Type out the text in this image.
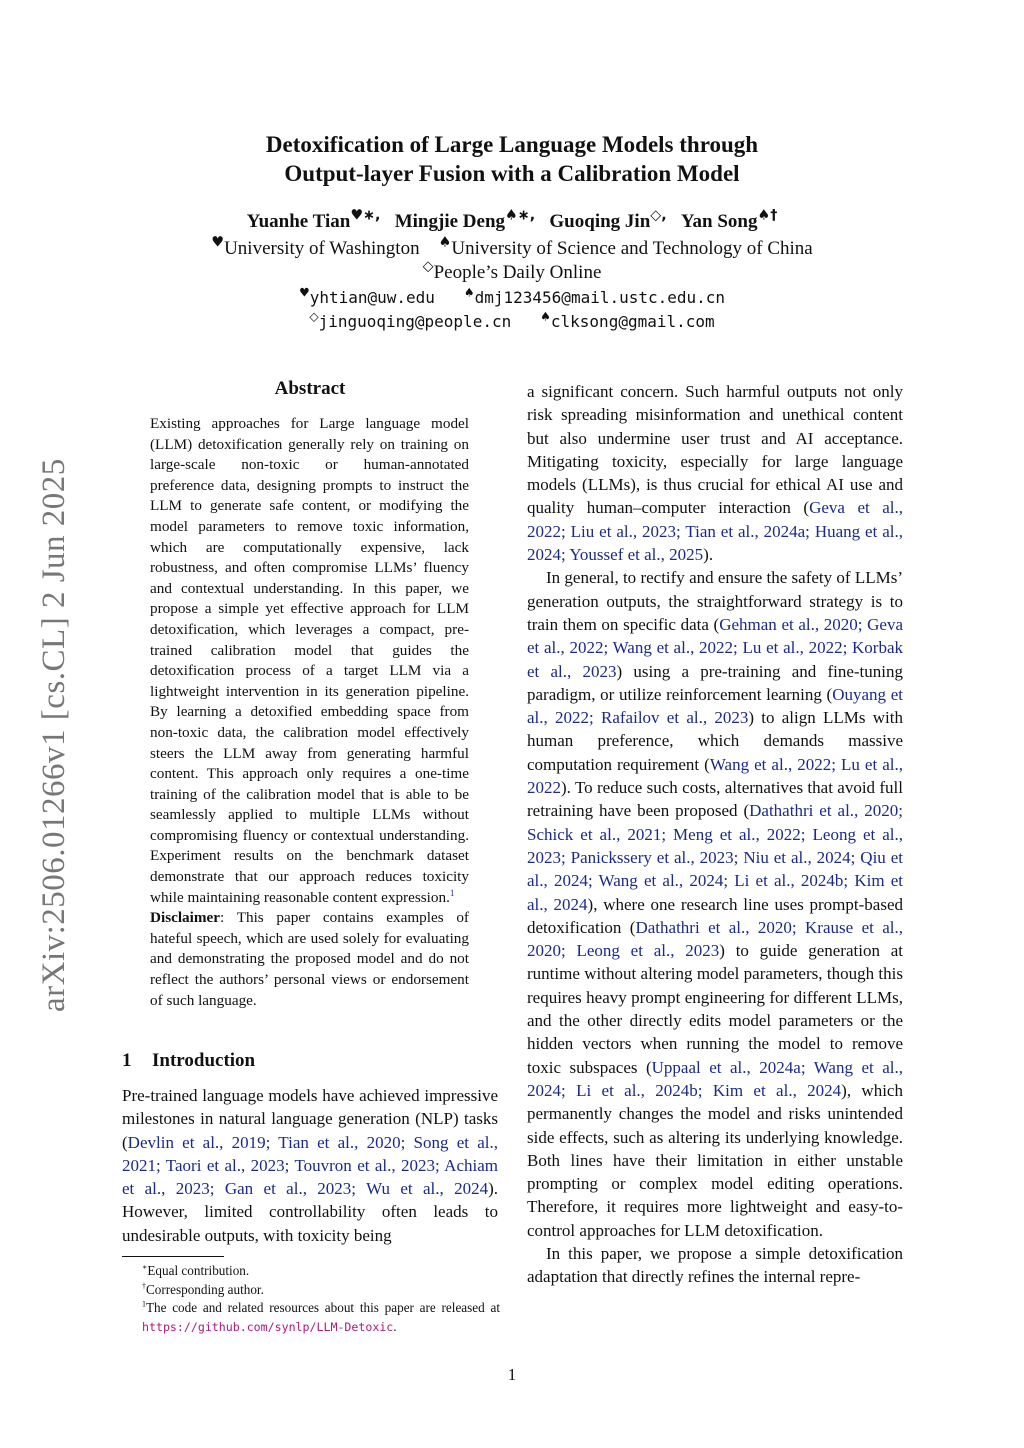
arXiv:2506.01266v1 [cs.CL] 2 Jun 2025
Detoxification of Large Language Models through
Output-layer Fusion with a Calibration Model
Yuanhe Tian♥∗, Mingjie Deng♠∗, Guoqing Jin◇, Yan Song♠†
♥University of Washington ♠University of Science and Technology of China
◇People’s Daily Online
♥yhtian@uw.edu ♠dmj123456@mail.ustc.edu.cn
◇jinguoqing@people.cn ♠clksong@gmail.com
Abstract

Existing approaches for Large language model (LLM) detoxification generally rely on training on large-scale non-toxic or human-annotated preference data, designing prompts to instruct the LLM to generate safe content, or modifying the model parameters to remove toxic information, which are computationally expensive, lack robustness, and often compromise LLMs’ fluency and contextual understanding. In this paper, we propose a simple yet effective approach for LLM detoxification, which leverages a compact, pre-trained calibration model that guides the detoxification process of a target LLM via a lightweight intervention in its generation pipeline. By learning a detoxified embedding space from non-toxic data, the calibration model effectively steers the LLM away from generating harmful content. This approach only requires a one-time training of the calibration model that is able to be seamlessly applied to multiple LLMs without compromising fluency or contextual understanding. Experiment results on the benchmark dataset demonstrate that our approach reduces toxicity while maintaining reasonable content expression.$^1$

Disclaimer: This paper contains examples of hateful speech, which are used solely for evaluating and demonstrating the proposed model and do not reflect the authors’ personal views or endorsement of such language.

1 Introduction

Pre-trained language models have achieved impressive milestones in natural language generation (NLP) tasks (Devlin et al., 2019; Tian et al., 2020; Song et al., 2021; Taori et al., 2023; Touvron et al., 2023; Achiam et al., 2023; Gan et al., 2023; Wu et al., 2024). However, limited controllability often leads to undesirable outputs, with toxicity being

∗Equal contribution.

†Corresponding author.

$^1$The code and related resources about this paper are released at https://github.com/synlp/LLM-Detoxic.

a significant concern. Such harmful outputs not only risk spreading misinformation and unethical content but also undermine user trust and AI acceptance. Mitigating toxicity, especially for large language models (LLMs), is thus crucial for ethical AI use and quality human–computer interaction (Geva et al., 2022; Liu et al., 2023; Tian et al., 2024a; Huang et al., 2024; Youssef et al., 2025).

In general, to rectify and ensure the safety of LLMs’ generation outputs, the straightforward strategy is to train them on specific data (Gehman et al., 2020; Geva et al., 2022; Wang et al., 2022; Lu et al., 2022; Korbak et al., 2023) using a pre-training and fine-tuning paradigm, or utilize reinforcement learning (Ouyang et al., 2022; Rafailov et al., 2023) to align LLMs with human preference, which demands massive computation requirement (Wang et al., 2022; Lu et al., 2022). To reduce such costs, alternatives that avoid full retraining have been proposed (Dathathri et al., 2020; Schick et al., 2021; Meng et al., 2022; Leong et al., 2023; Panickssery et al., 2023; Niu et al., 2024; Qiu et al., 2024; Wang et al., 2024; Li et al., 2024b; Kim et al., 2024), where one research line uses prompt-based detoxification (Dathathri et al., 2020; Krause et al., 2020; Leong et al., 2023) to guide generation at runtime without altering model parameters, though this requires heavy prompt engineering for different LLMs, and the other directly edits model parameters or the hidden vectors when running the model to remove toxic subspaces (Uppaal et al., 2024a; Wang et al., 2024; Li et al., 2024b; Kim et al., 2024), which permanently changes the model and risks unintended side effects, such as altering its underlying knowledge. Both lines have their limitation in either unstable prompting or complex model editing operations. Therefore, it requires more lightweight and easy-to-control approaches for LLM detoxification.

In this paper, we propose a simple detoxification adaptation that directly refines the internal repre-

1
